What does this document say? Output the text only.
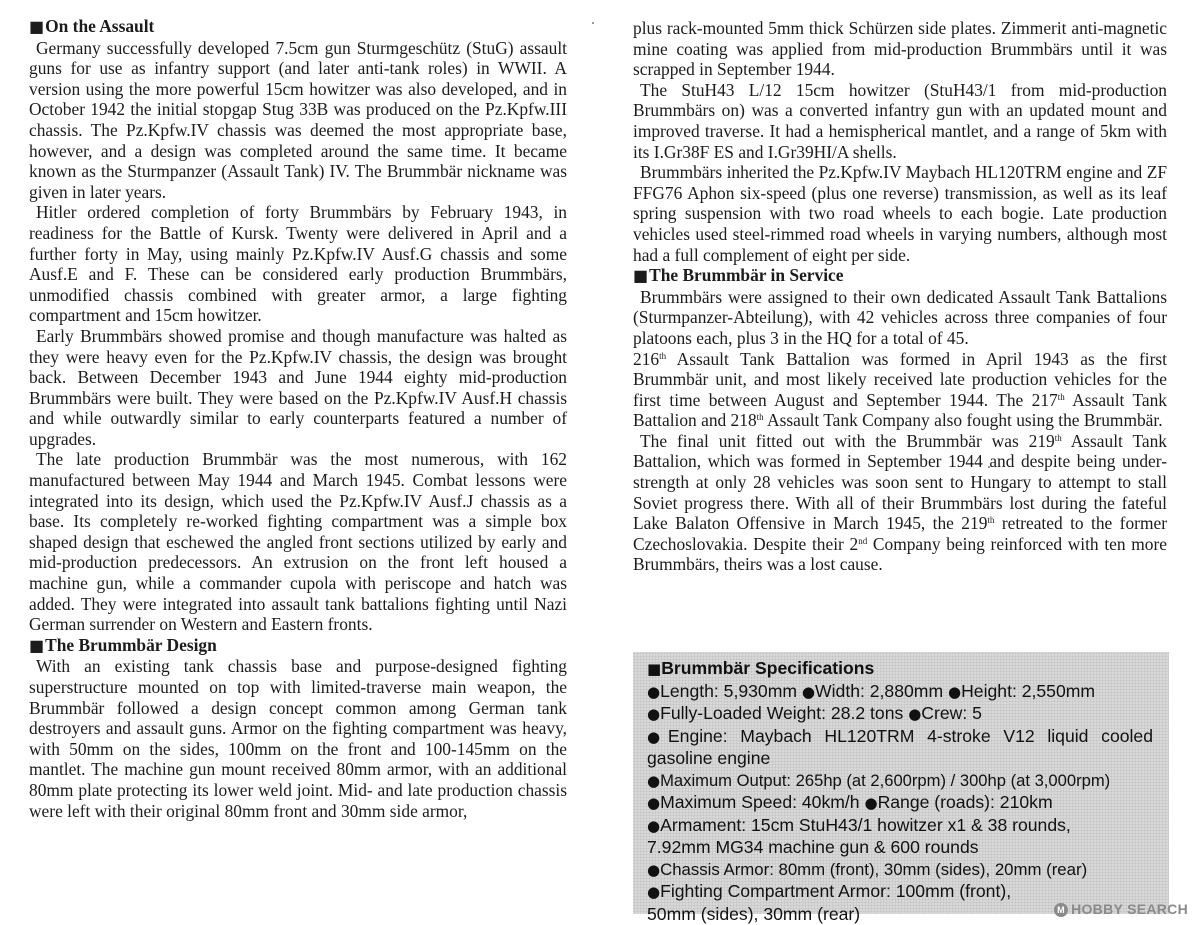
■On the Assault

Germany successfully developed 7.5cm gun Sturmgeschütz (StuG) assault guns for use as infantry support (and later anti-tank roles) in WWII. A version using the more powerful 15cm howitzer was also developed, and in October 1942 the initial stopgap Stug 33B was produced on the Pz.Kpfw.III chassis. The Pz.Kpfw.IV chassis was deemed the most appropriate base, however, and a design was completed around the same time. It became known as the Sturmpanzer (Assault Tank) IV. The Brummbär nickname was given in later years.

Hitler ordered completion of forty Brummbärs by February 1943, in readiness for the Battle of Kursk. Twenty were delivered in April and a further forty in May, using mainly Pz.Kpfw.IV Ausf.G chassis and some Ausf.E and F. These can be considered early production Brummbärs, unmodified chassis combined with greater armor, a large fighting compartment and 15cm howitzer.

Early Brummbärs showed promise and though manufacture was halted as they were heavy even for the Pz.Kpfw.IV chassis, the design was brought back. Between December 1943 and June 1944 eighty mid-production Brummbärs were built. They were based on the Pz.Kpfw.IV Ausf.H chassis and while outwardly similar to early counterparts featured a number of upgrades.

The late production Brummbär was the most numerous, with 162 manufactured between May 1944 and March 1945. Combat lessons were integrated into its design, which used the Pz.Kpfw.IV Ausf.J chassis as a base. Its completely re-worked fighting compartment was a simple box shaped design that eschewed the angled front sections utilized by early and mid-production predecessors. An extrusion on the front left housed a machine gun, while a commander cupola with periscope and hatch was added. They were integrated into assault tank battalions fighting until Nazi German surrender on Western and Eastern fronts.

■The Brummbär Design

With an existing tank chassis base and purpose-designed fighting superstructure mounted on top with limited-traverse main weapon, the Brummbär followed a design concept common among German tank destroyers and assault guns. Armor on the fighting compartment was heavy, with 50mm on the sides, 100mm on the front and 100-145mm on the mantlet. The machine gun mount received 80mm armor, with an additional 80mm plate protecting its lower weld joint. Mid- and late production chassis were left with their original 80mm front and 30mm side armor,

plus rack-mounted 5mm thick Schürzen side plates. Zimmerit anti-magnetic mine coating was applied from mid-production Brummbärs until it was scrapped in September 1944.

The StuH43 L/12 15cm howitzer (StuH43/1 from mid-production Brummbärs on) was a converted infantry gun with an updated mount and improved traverse. It had a hemispherical mantlet, and a range of 5km with its I.Gr38F ES and I.Gr39HI/A shells.

Brummbärs inherited the Pz.Kpfw.IV Maybach HL120TRM engine and ZF FFG76 Aphon six-speed (plus one reverse) transmission, as well as its leaf spring suspension with two road wheels to each bogie. Late production vehicles used steel-rimmed road wheels in varying numbers, although most had a full complement of eight per side.

■The Brummbär in Service

Brummbärs were assigned to their own dedicated Assault Tank Battalions (Sturmpanzer-Abteilung), with 42 vehicles across three companies of four platoons each, plus 3 in the HQ for a total of 45.

216th Assault Tank Battalion was formed in April 1943 as the first Brummbär unit, and most likely received late production vehicles for the first time between August and September 1944. The 217th Assault Tank Battalion and 218th Assault Tank Company also fought using the Brummbär.

The final unit fitted out with the Brummbär was 219th Assault Tank Battalion, which was formed in September 1944 and despite being under-strength at only 28 vehicles was soon sent to Hungary to attempt to stall Soviet progress there. With all of their Brummbärs lost during the fateful Lake Balaton Offensive in March 1945, the 219th retreated to the former Czechoslovakia. Despite their 2nd Company being reinforced with ten more Brummbärs, theirs was a lost cause.

■Brummbär Specifications
●Length: 5,930mm ●Width: 2,880mm ●Height: 2,550mm
●Fully-Loaded Weight: 28.2 tons ●Crew: 5
●Engine: Maybach HL120TRM 4-stroke V12 liquid cooled gasoline engine
●Maximum Output: 265hp (at 2,600rpm) / 300hp (at 3,000rpm)
●Maximum Speed: 40km/h ●Range (roads): 210km
●Armament: 15cm StuH43/1 howitzer x1 & 38 rounds,
7.92mm MG34 machine gun & 600 rounds
●Chassis Armor: 80mm (front), 30mm (sides), 20mm (rear)
●Fighting Compartment Armor: 100mm (front),
50mm (sides), 30mm (rear)	M HOBBY SEARCH
